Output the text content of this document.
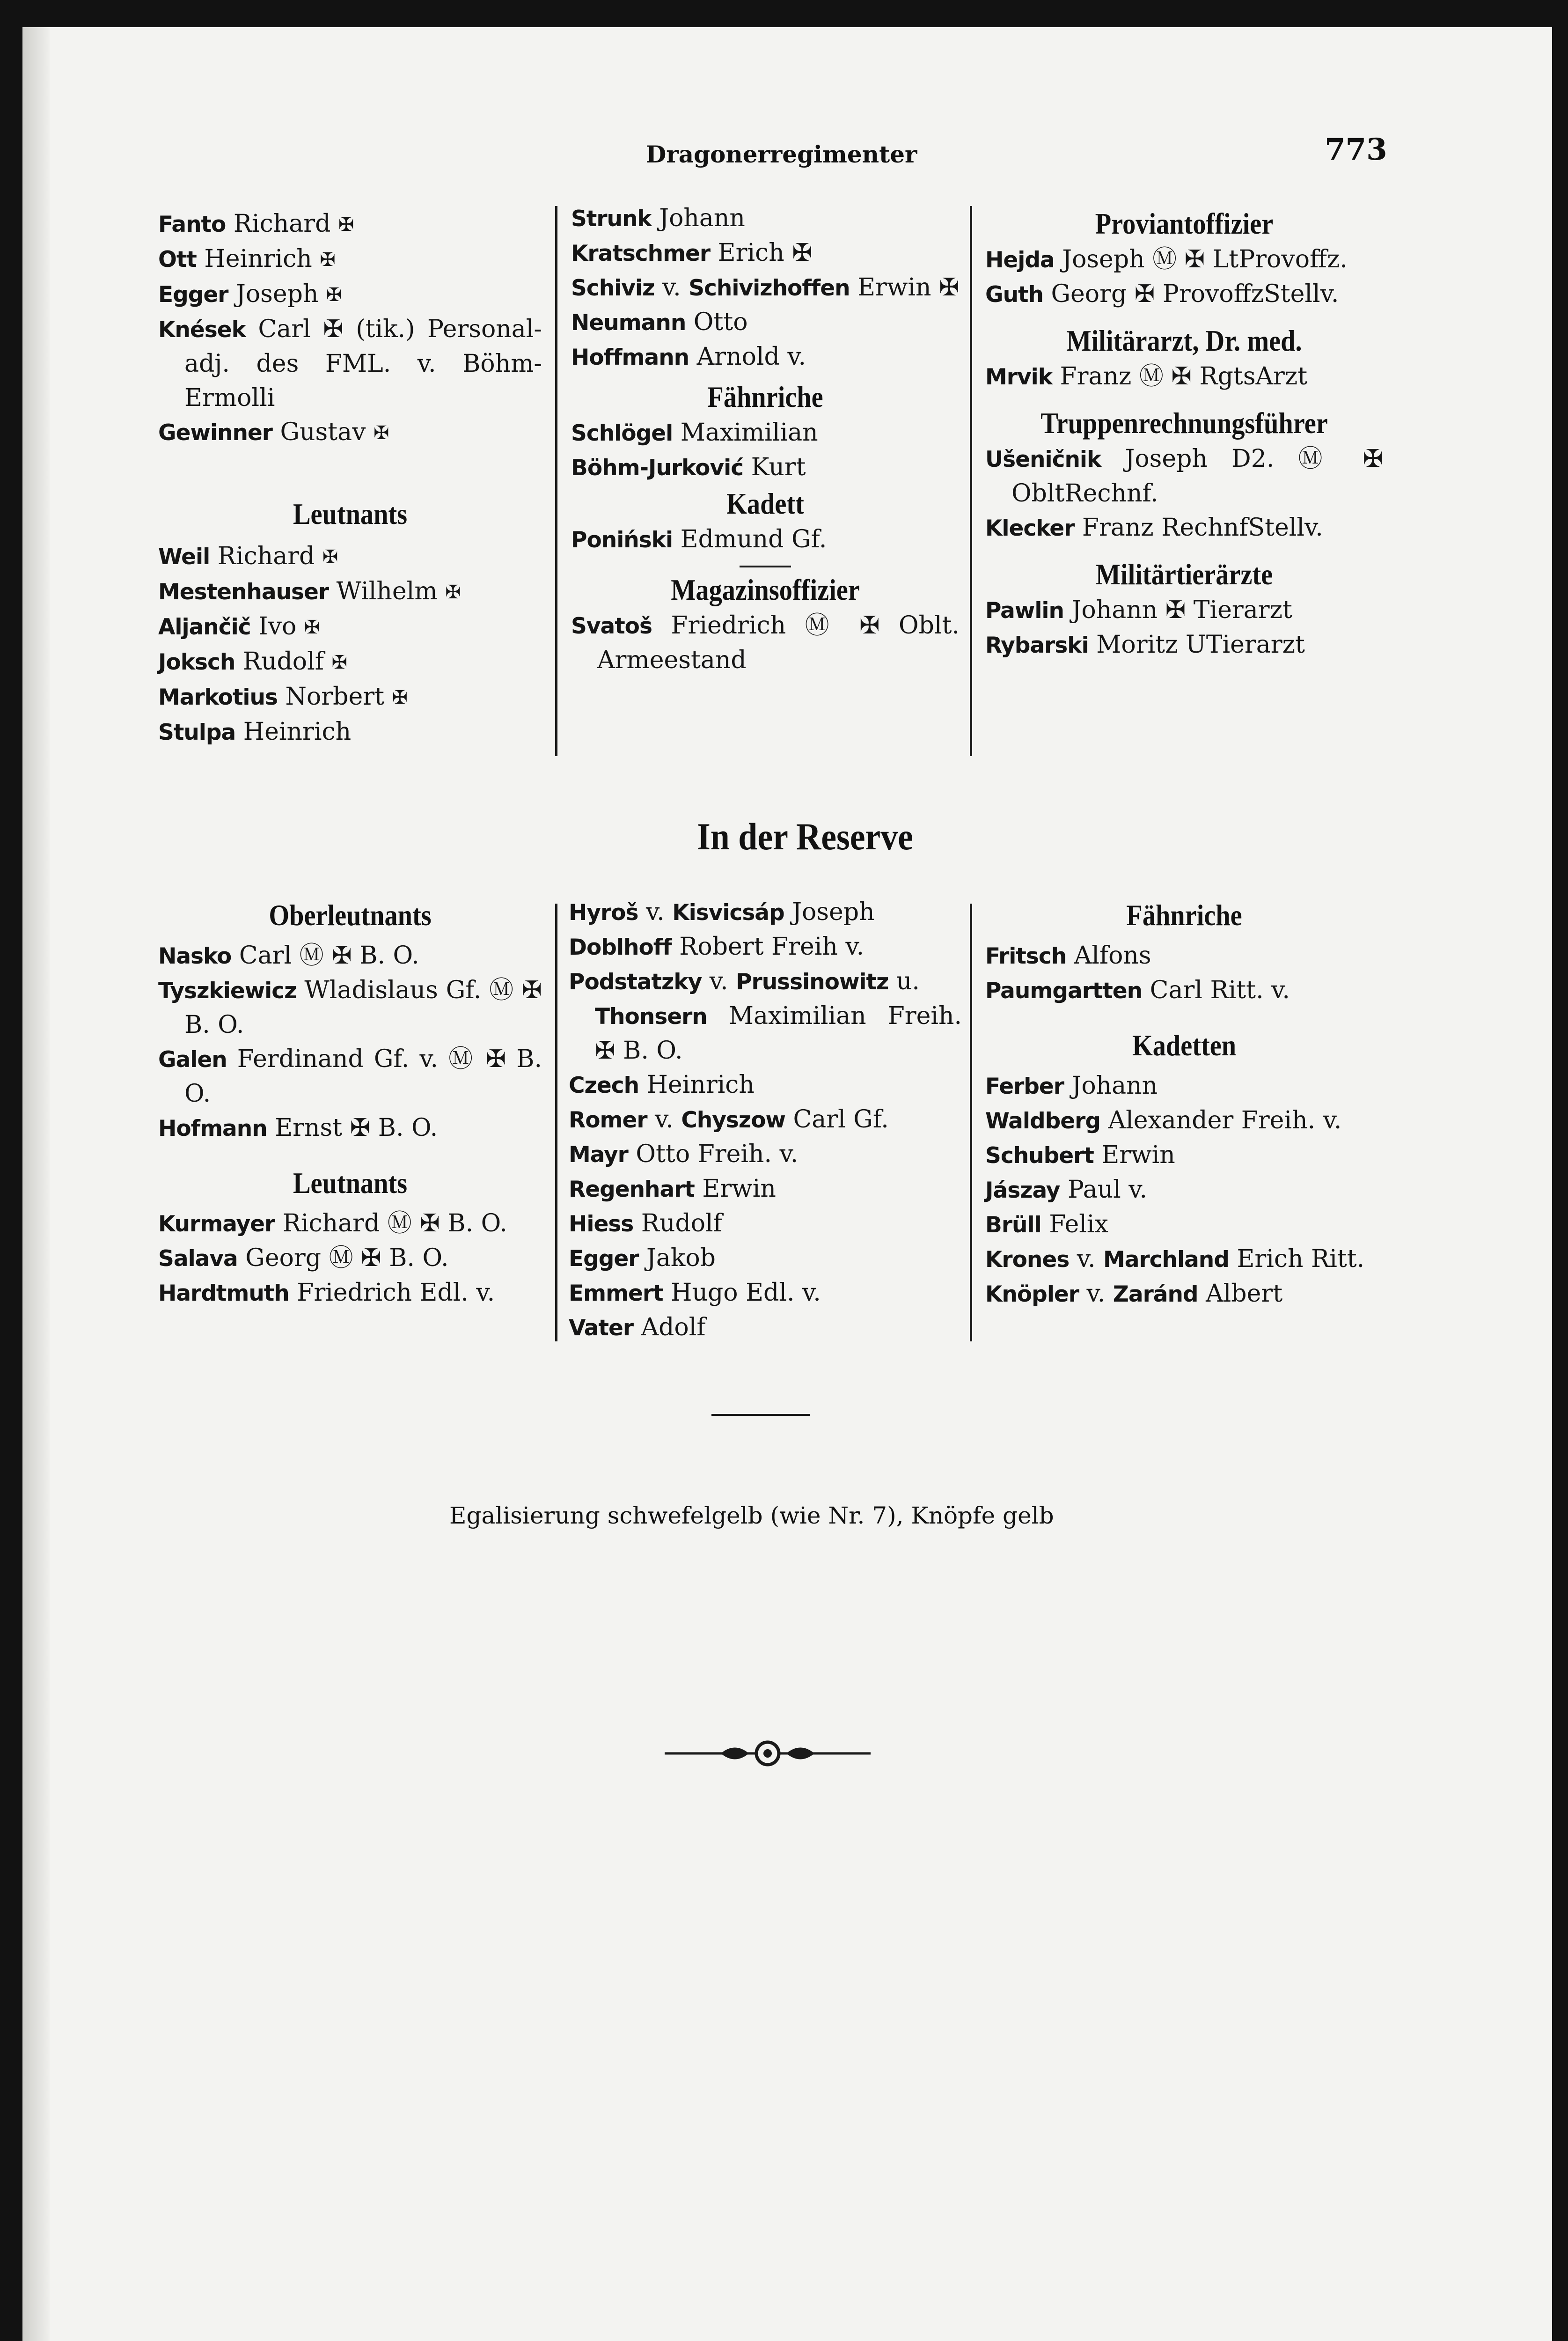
Dragonerregimenter	773
Fanto Richard ✠
Ott Heinrich ✠
Egger Joseph ✠
Knések Carl ✠ (tik.) Personal-adj. des FML. v. Böhm-Ermolli
Gewinner Gustav ✠
Leutnants
Weil Richard ✠
Mestenhauser Wilhelm ✠
Aljančič Ivo ✠
Joksch Rudolf ✠
Markotius Norbert ✠
Stulpa Heinrich
Strunk Johann
Kratschmer Erich ✠
Schiviz v. Schivizhoffen Erwin ✠
Neumann Otto
Hoffmann Arnold v.
Fähnriche
Schlögel Maximilian
Böhm-Jurković Kurt
Kadett
Poniński Edmund Gf.
Magazinsoffizier
Svatoš Friedrich Ⓜ ✠ Oblt. Armeestand
Proviantoffizier
Hejda Joseph Ⓜ ✠ LtProvoffz.
Guth Georg ✠ ProvoffzStellv.
Militärarzt, Dr. med.
Mrvik Franz Ⓜ ✠ RgtsArzt
Truppenrechnungsführer
Ušeničnik Joseph D2. Ⓜ ✠ ObltRechnf.
Klecker Franz RechnfStellv.
Militärtierärzte
Pawlin Johann ✠ Tierarzt
Rybarski Moritz UTierarzt
In der Reserve
Oberleutnants
Nasko Carl Ⓜ ✠ B. O.
Tyszkiewicz Wladislaus Gf. Ⓜ ✠ B. O.
Galen Ferdinand Gf. v. Ⓜ ✠ B. O.
Hofmann Ernst ✠ B. O.
Leutnants
Kurmayer Richard Ⓜ ✠ B. O.
Salava Georg Ⓜ ✠ B. O.
Hardtmuth Friedrich Edl. v.
Hyroš v. Kisvicsáp Joseph
Doblhoff Robert Freih v.
Podstatzky v. Prussinowitz u.
Thonsern Maximilian Freih. ✠ B. O.
Czech Heinrich
Romer v. Chyszow Carl Gf.
Mayr Otto Freih. v.
Regenhart Erwin
Hiess Rudolf
Egger Jakob
Emmert Hugo Edl. v.
Vater Adolf
Fähnriche
Fritsch Alfons
Paumgartten Carl Ritt. v.
Kadetten
Ferber Johann
Waldberg Alexander Freih. v.
Schubert Erwin
Jászay Paul v.
Brüll Felix
Krones v. Marchland Erich Ritt.
Knöpler v. Zaránd Albert
Egalisierung schwefelgelb (wie Nr. 7), Knöpfe gelb
